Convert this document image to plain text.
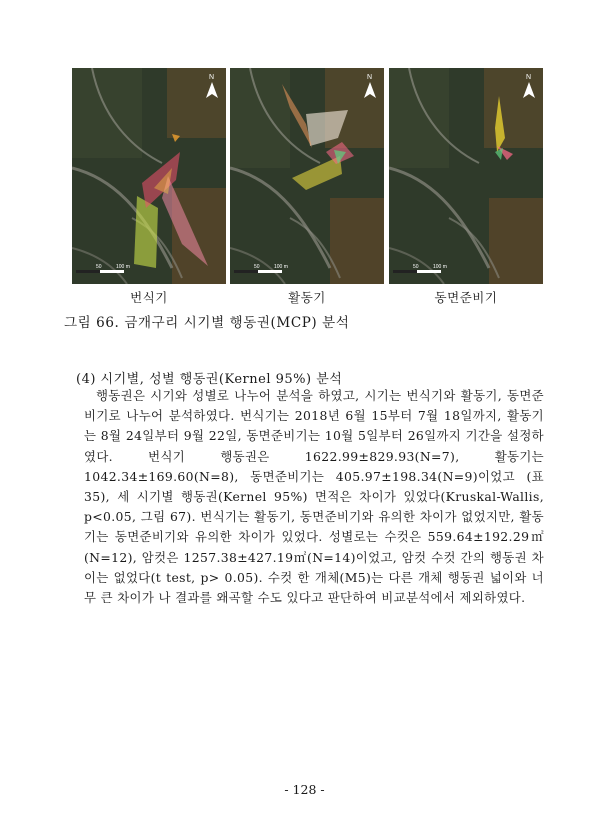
N
50	100 m
N
50	100 m
N
50	100 m
번식기	활동기	동면준비기
그림 66. 금개구리 시기별 행동권(MCP) 분석
(4) 시기별, 성별 행동권(Kernel 95%) 분석
행동권은 시기와 성별로 나누어 분석을 하였고, 시기는 번식기와 활동기, 동면준비기로 나누어 분석하였다. 번식기는 2018년 6월 15부터 7월 18일까지, 활동기는 8월 24일부터 9월 22일, 동면준비기는 10월 5일부터 26일까지 기간을 설정하였다. 번식기 행동권은 1622.99±829.93(N=7), 활동기는 1042.34±169.60(N=8), 동면준비기는 405.97±198.34(N=9)이었고 (표 35), 세 시기별 행동권(Kernel 95%) 면적은 차이가 있었다(Kruskal-Wallis, p<0.05, 그림 67). 번식기는 활동기, 동면준비기와 유의한 차이가 없었지만, 활동기는 동면준비기와 유의한 차이가 있었다. 성별로는 수컷은 559.64±192.29㎡(N=12), 암컷은 1257.38±427.19㎡(N=14)이었고, 암컷 수컷 간의 행동권 차이는 없었다(t test, p> 0.05). 수컷 한 개체(M5)는 다른 개체 행동권 넓이와 너무 큰 차이가 나 결과를 왜곡할 수도 있다고 판단하여 비교분석에서 제외하였다.
- 128 -
